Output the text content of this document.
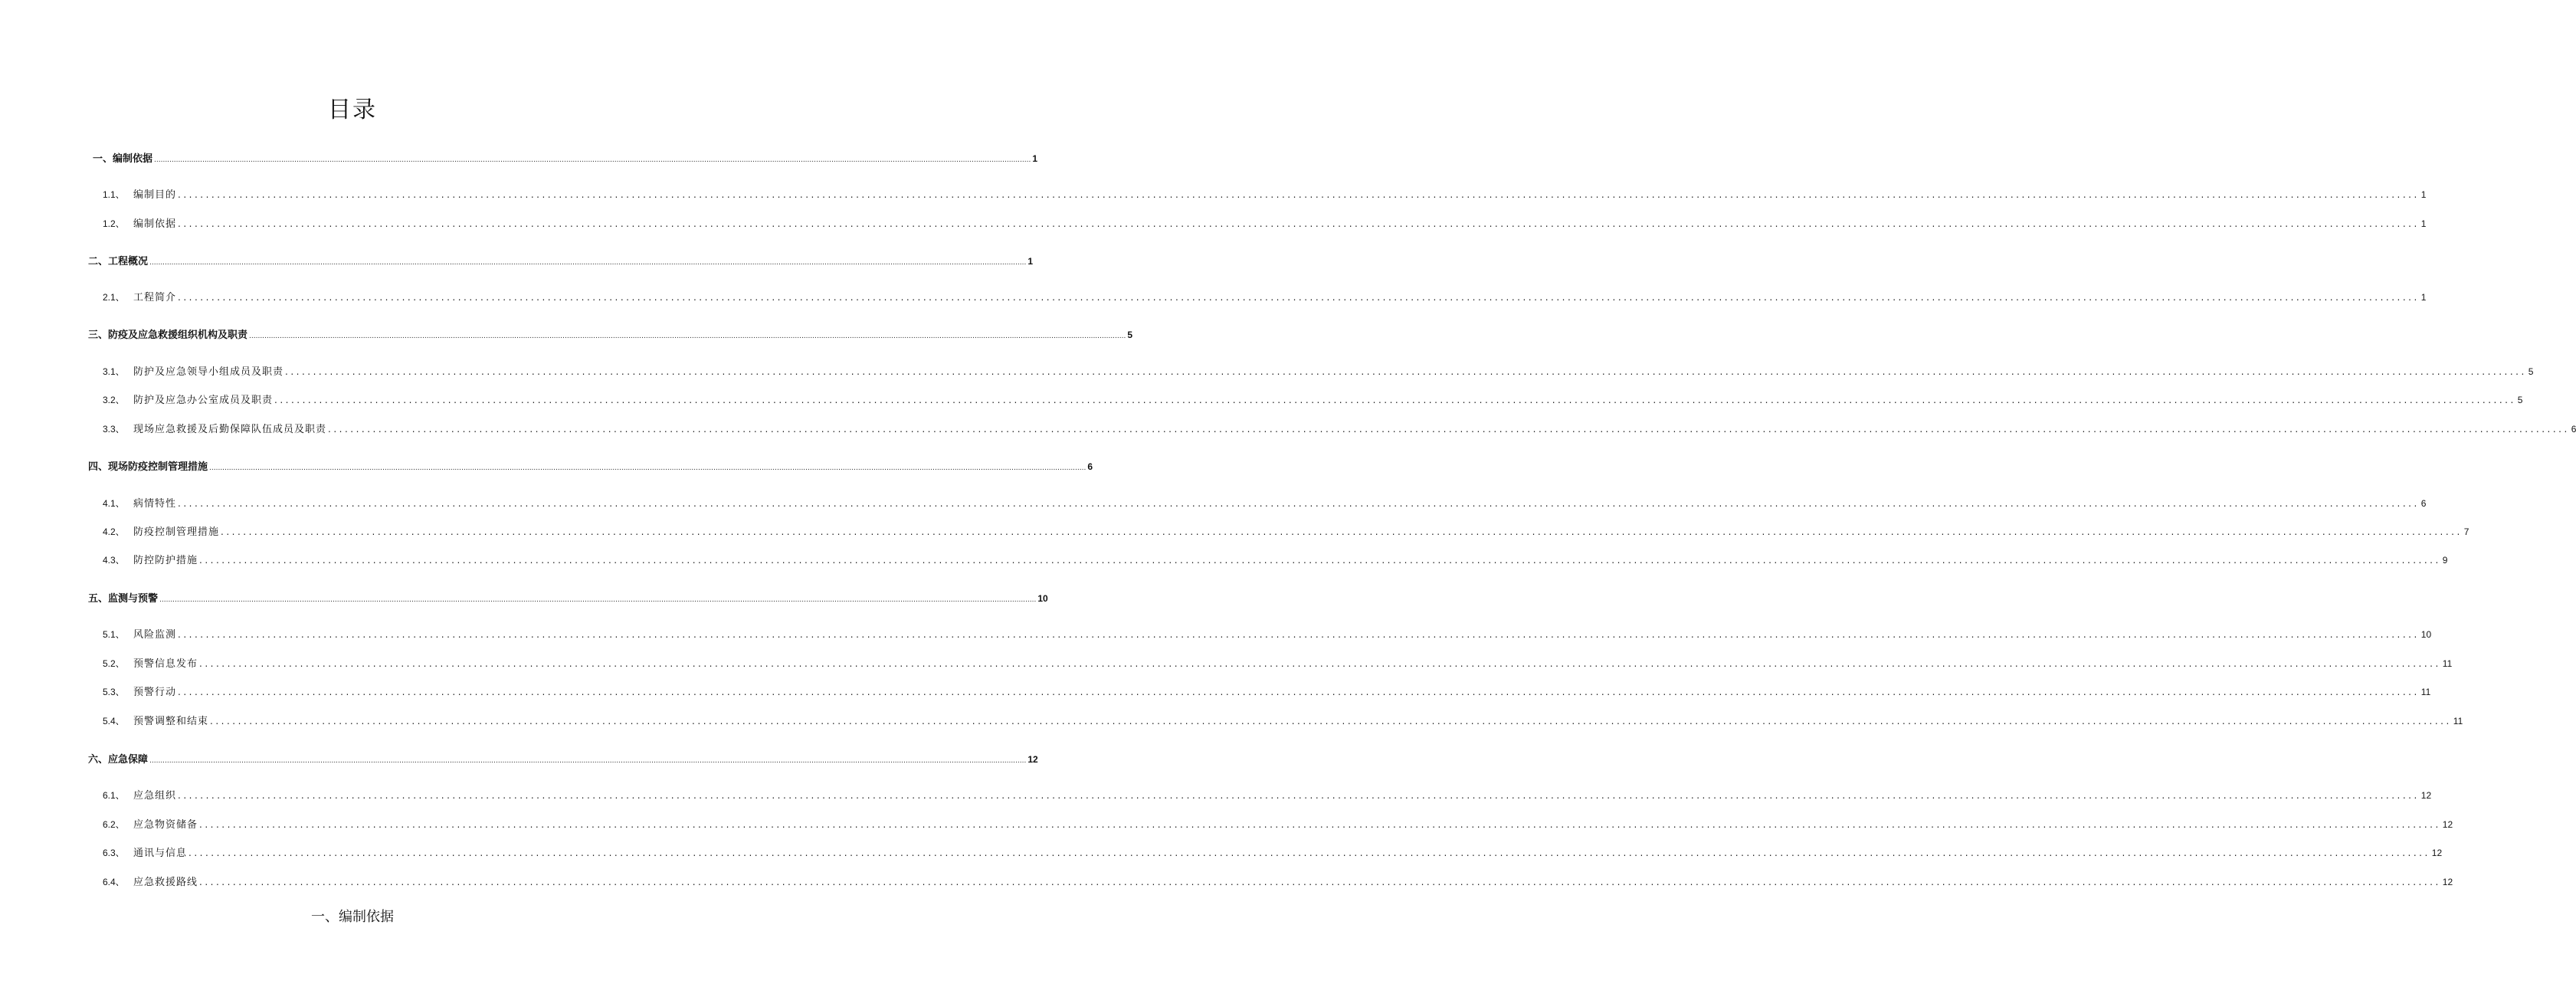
目录
一、编制依据 ................................................................................................................................................................................................................................................................................................................................................................................................................ 1
1.1、 编制目的 ................................................................................................................................................................................................................................................................................................................................................................................................................ 1
1.2、 编制依据 ................................................................................................................................................................................................................................................................................................................................................................................................................ 1
二、工程概况 ................................................................................................................................................................................................................................................................................................................................................................................................................ 1
2.1、 工程简介 ................................................................................................................................................................................................................................................................................................................................................................................................................ 1
三、防疫及应急救援组织机构及职责 ................................................................................................................................................................................................................................................................................................................................................................................................................ 5
3.1、 防护及应急领导小组成员及职责 ................................................................................................................................................................................................................................................................................................................................................................................................................ 5
3.2、 防护及应急办公室成员及职责 ................................................................................................................................................................................................................................................................................................................................................................................................................ 5
3.3、 现场应急救援及后勤保障队伍成员及职责 ................................................................................................................................................................................................................................................................................................................................................................................................................ 6
四、现场防疫控制管理措施 ................................................................................................................................................................................................................................................................................................................................................................................................................ 6
4.1、 病情特性 ................................................................................................................................................................................................................................................................................................................................................................................................................ 6
4.2、 防疫控制管理措施 ................................................................................................................................................................................................................................................................................................................................................................................................................ 7
4.3、 防控防护措施 ................................................................................................................................................................................................................................................................................................................................................................................................................ 9
五、监测与预警 ................................................................................................................................................................................................................................................................................................................................................................................................................ 10
5.1、 风险监测 ................................................................................................................................................................................................................................................................................................................................................................................................................ 10
5.2、 预警信息发布 ................................................................................................................................................................................................................................................................................................................................................................................................................ 11
5.3、 预警行动 ................................................................................................................................................................................................................................................................................................................................................................................................................ 11
5.4、 预警调整和结束 ................................................................................................................................................................................................................................................................................................................................................................................................................ 11
六、应急保障 ................................................................................................................................................................................................................................................................................................................................................................................................................ 12
6.1、 应急组织 ................................................................................................................................................................................................................................................................................................................................................................................................................ 12
6.2、 应急物资储备 ................................................................................................................................................................................................................................................................................................................................................................................................................ 12
6.3、 通讯与信息 ................................................................................................................................................................................................................................................................................................................................................................................................................ 12
6.4、 应急救援路线 ................................................................................................................................................................................................................................................................................................................................................................................................................ 12
一、编制依据
